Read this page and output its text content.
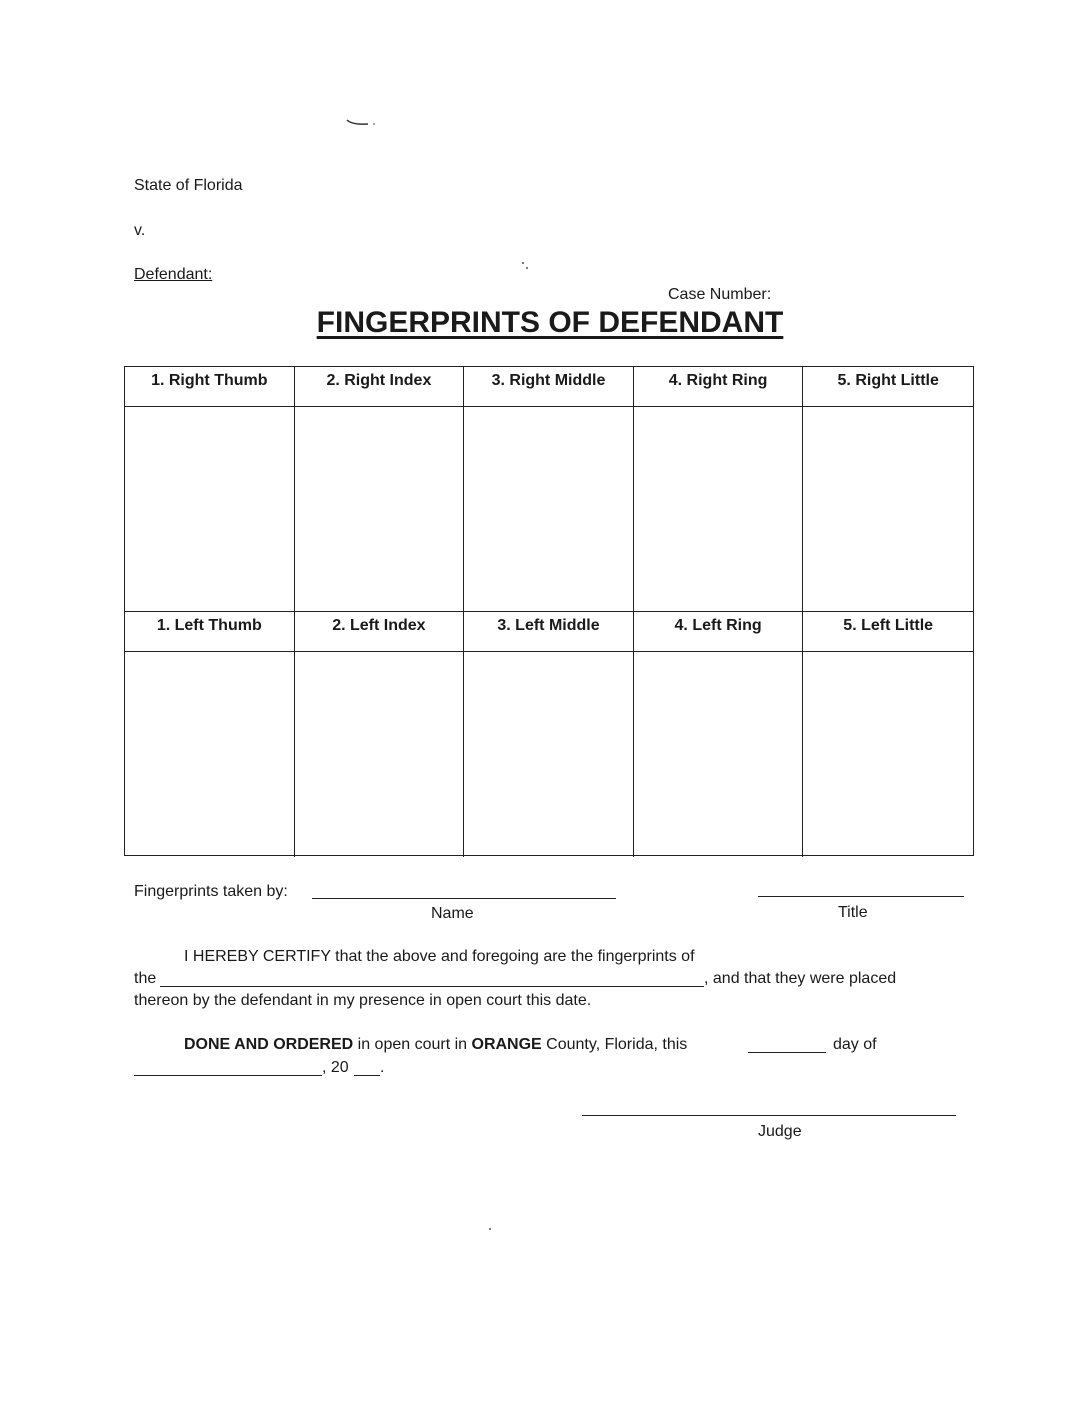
State of Florida
v.
Defendant:
Case Number:
FINGERPRINTS OF DEFENDANT
1. Right Thumb	2. Right Index	3. Right Middle	4. Right Ring	5. Right Little
1. Left Thumb	2. Left Index	3. Left Middle	4. Left Ring	5. Left Little
Fingerprints taken by:
Name	Title
I HEREBY CERTIFY that the above and foregoing are the fingerprints of
the	, and that they were placed
thereon by the defendant in my presence in open court this date.
DONE AND ORDERED in open court in ORANGE County, Florida, this	day of
, 20 .
Judge
